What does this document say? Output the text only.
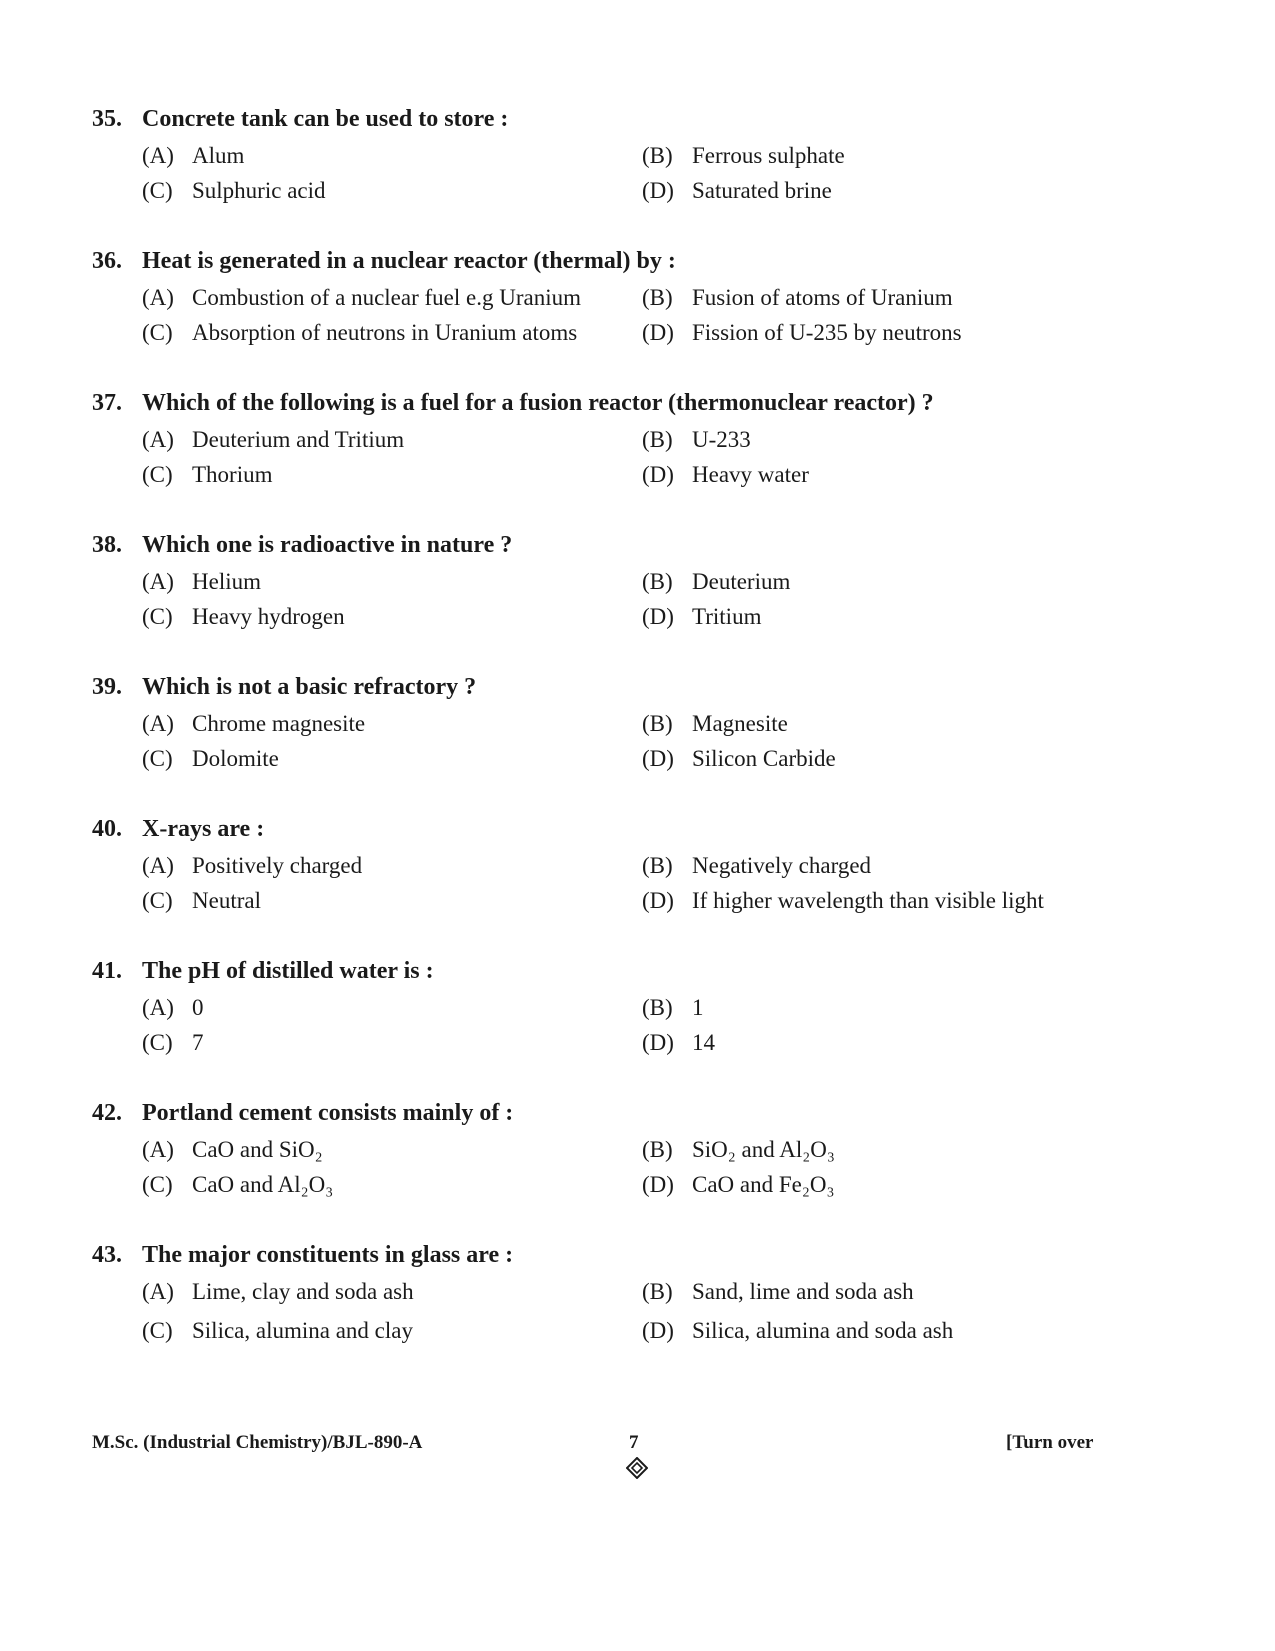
35. Concrete tank can be used to store :
(A) Alum	(B) Ferrous sulphate
(C) Sulphuric acid	(D) Saturated brine
36. Heat is generated in a nuclear reactor (thermal) by :
(A) Combustion of a nuclear fuel e.g Uranium	(B) Fusion of atoms of Uranium
(C) Absorption of neutrons in Uranium atoms	(D) Fission of U-235 by neutrons
37. Which of the following is a fuel for a fusion reactor (thermonuclear reactor) ?
(A) Deuterium and Tritium	(B) U-233
(C) Thorium	(D) Heavy water
38. Which one is radioactive in nature ?
(A) Helium	(B) Deuterium
(C) Heavy hydrogen	(D) Tritium
39. Which is not a basic refractory ?
(A) Chrome magnesite	(B) Magnesite
(C) Dolomite	(D) Silicon Carbide
40. X-rays are :
(A) Positively charged	(B) Negatively charged
(C) Neutral	(D) If higher wavelength than visible light
41. The pH of distilled water is :
(A) 0	(B) 1
(C) 7	(D) 14
42. Portland cement consists mainly of :
(A) CaO and SiO₂	(B) SiO₂ and Al₂O₃
(C) CaO and Al₂O₃	(D) CaO and Fe₂O₃
43. The major constituents in glass are :
(A) Lime, clay and soda ash	(B) Sand, lime and soda ash
(C) Silica, alumina and clay	(D) Silica, alumina and soda ash
M.Sc. (Industrial Chemistry)/BJL-890-A	7	[Turn over
